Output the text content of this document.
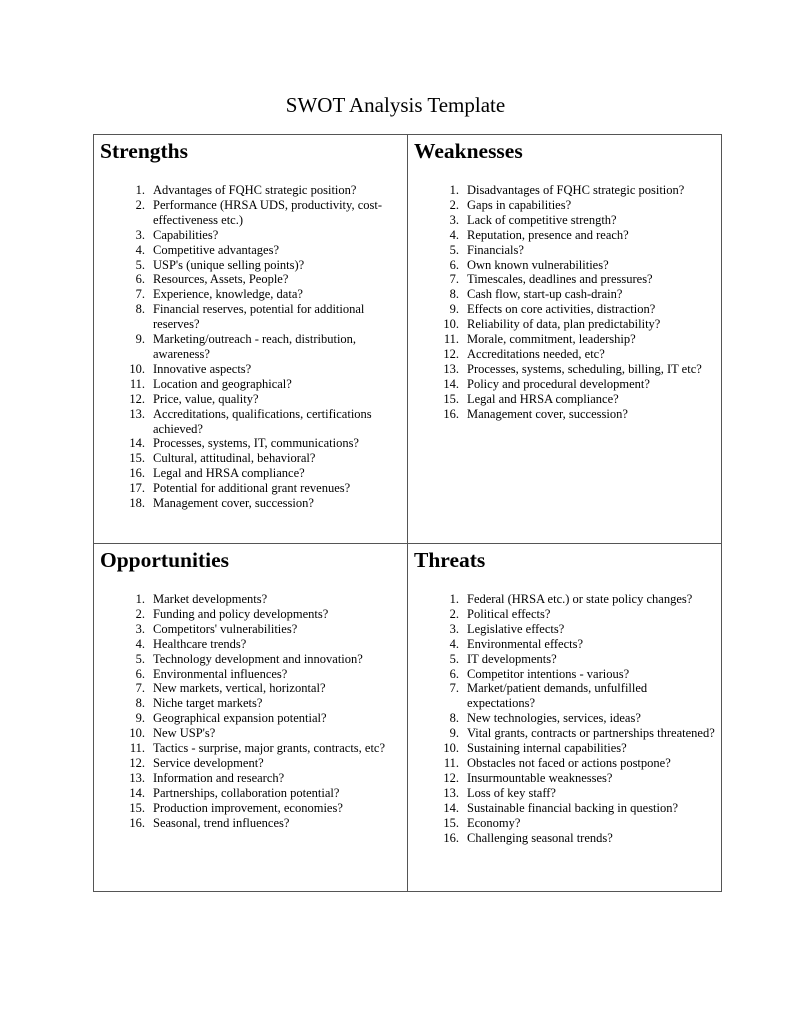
SWOT Analysis Template
Strengths
1. Advantages of FQHC strategic position?
2. Performance (HRSA UDS, productivity, cost-effectiveness etc.)
3. Capabilities?
4. Competitive advantages?
5. USP's (unique selling points)?
6. Resources, Assets, People?
7. Experience, knowledge, data?
8. Financial reserves, potential for additional reserves?
9. Marketing/outreach - reach, distribution, awareness?
10. Innovative aspects?
11. Location and geographical?
12. Price, value, quality?
13. Accreditations, qualifications, certifications achieved?
14. Processes, systems, IT, communications?
15. Cultural, attitudinal, behavioral?
16. Legal and HRSA compliance?
17. Potential for additional grant revenues?
18. Management cover, succession?
Weaknesses
1. Disadvantages of FQHC strategic position?
2. Gaps in capabilities?
3. Lack of competitive strength?
4. Reputation, presence and reach?
5. Financials?
6. Own known vulnerabilities?
7. Timescales, deadlines and pressures?
8. Cash flow, start-up cash-drain?
9. Effects on core activities, distraction?
10. Reliability of data, plan predictability?
11. Morale, commitment, leadership?
12. Accreditations needed, etc?
13. Processes, systems, scheduling, billing, IT etc?
14. Policy and procedural development?
15. Legal and HRSA compliance?
16. Management cover, succession?
Opportunities
1. Market developments?
2. Funding and policy developments?
3. Competitors' vulnerabilities?
4. Healthcare trends?
5. Technology development and innovation?
6. Environmental influences?
7. New markets, vertical, horizontal?
8. Niche target markets?
9. Geographical expansion potential?
10. New USP's?
11. Tactics - surprise, major grants, contracts, etc?
12. Service development?
13. Information and research?
14. Partnerships, collaboration potential?
15. Production improvement, economies?
16. Seasonal, trend influences?
Threats
1. Federal (HRSA etc.) or state policy changes?
2. Political effects?
3. Legislative effects?
4. Environmental effects?
5. IT developments?
6. Competitor intentions - various?
7. Market/patient demands, unfulfilled expectations?
8. New technologies, services, ideas?
9. Vital grants, contracts or partnerships threatened?
10. Sustaining internal capabilities?
11. Obstacles not faced or actions postpone?
12. Insurmountable weaknesses?
13. Loss of key staff?
14. Sustainable financial backing in question?
15. Economy?
16. Challenging seasonal trends?
